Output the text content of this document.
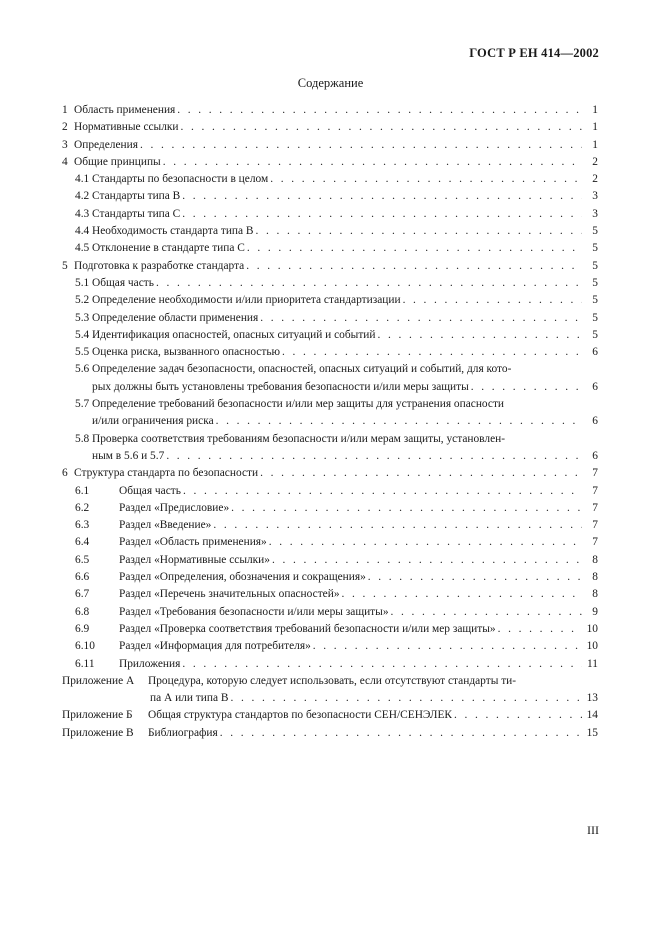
ГОСТ Р ЕН 414—2002
Содержание
1 Область применения . . .	1
2 Нормативные ссылки . . .	1
3 Определения . . .	1
4 Общие принципы . . .	2
4.1 Стандарты по безопасности в целом . . .	2
4.2 Стандарты типа В . . .	3
4.3 Стандарты типа С . . .	3
4.4 Необходимость стандарта типа В . . .	5
4.5 Отклонение в стандарте типа С . . .	5
5 Подготовка к разработке стандарта . . .	5
5.1 Общая часть . . .	5
5.2 Определение необходимости и/или приоритета стандартизации . . .	5
5.3 Определение области применения . . .	5
5.4 Идентификация опасностей, опасных ситуаций и событий . . .	5
5.5 Оценка риска, вызванного опасностью . . .	6
5.6 Определение задач безопасности, опасностей, опасных ситуаций и событий, для кото-
рых должны быть установлены требования безопасности и/или меры защиты . . .	6
5.7 Определение требований безопасности и/или мер защиты для устранения опасности
и/или ограничения риска . . .	6
5.8 Проверка соответствия требованиям безопасности и/или мерам защиты, установлен-
ным в 5.6 и 5.7 . . .	6
6 Структура стандарта по безопасности . . .	7
6.1	Общая часть . . .	7
6.2	Раздел «Предисловие» . . .	7
6.3	Раздел «Введение» . . .	7
6.4	Раздел «Область применения» . . .	7
6.5	Раздел «Нормативные ссылки» . . .	8
6.6	Раздел «Определения, обозначения и сокращения» . . .	8
6.7	Раздел «Перечень значительных опасностей» . . .	8
6.8	Раздел «Требования безопасности и/или меры защиты» . . .	9
6.9	Раздел «Проверка соответствия требований безопасности и/или мер защиты» . . .	10
6.10	Раздел «Информация для потребителя» . . .	10
6.11	Приложения . . .	11
Приложение А	Процедура, которую следует использовать, если отсутствуют стандарты ти-
па А или типа В . . .	13
Приложение Б	Общая структура стандартов по безопасности СЕН/СЕНЭЛЕК . . .	14
Приложение В	Библиография . . .	15
III
